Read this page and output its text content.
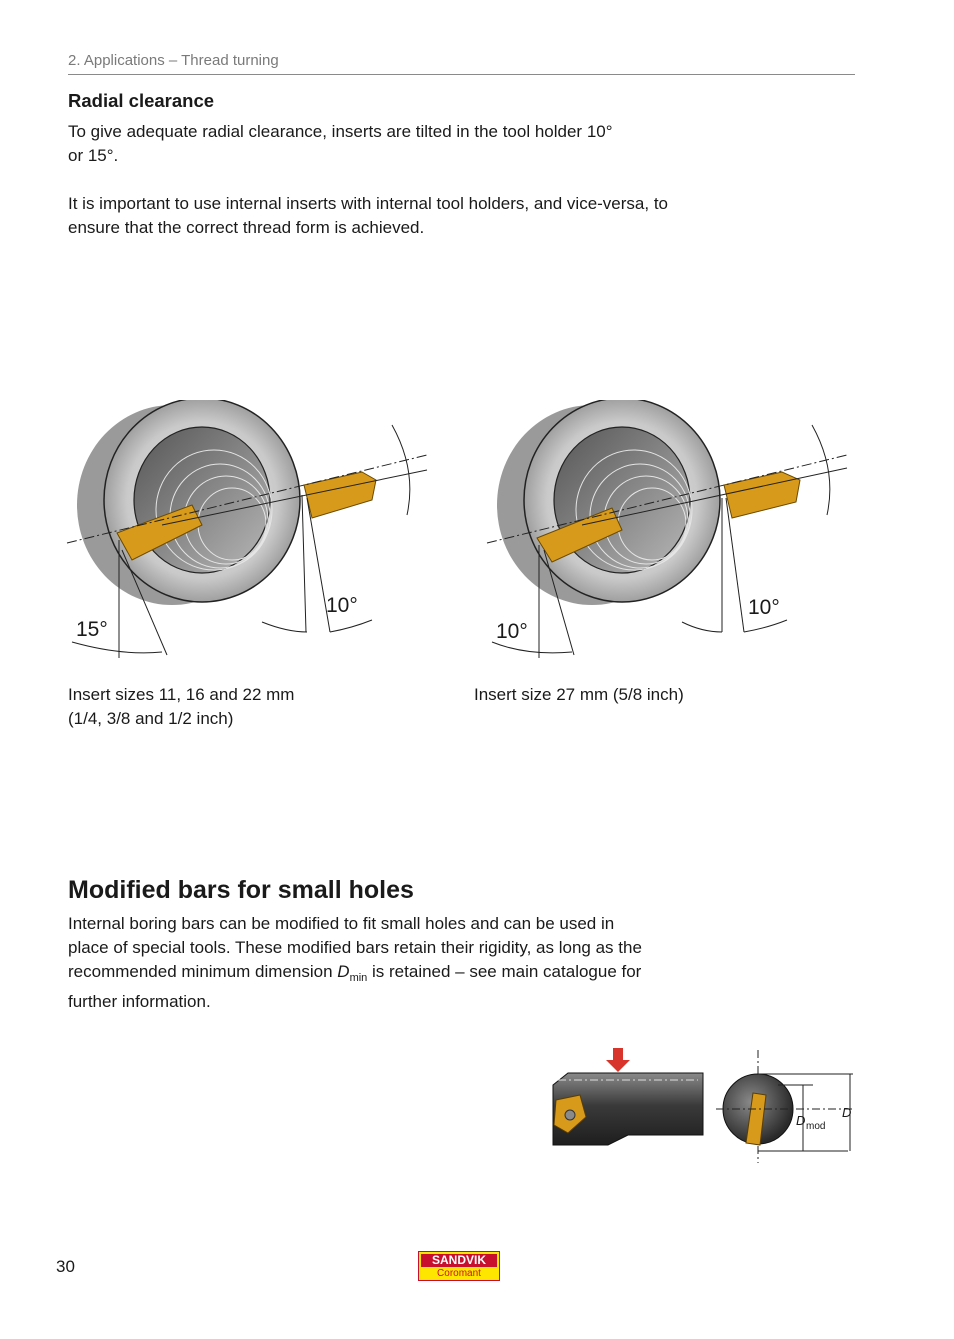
2. Applications – Thread turning
Radial clearance
To give adequate radial clearance, inserts are tilted in the tool holder 10° or 15°.
It is important to use internal inserts with internal tool holders, and vice-versa, to ensure that the correct thread form is achieved.
15°
10°
10°
10°
Insert sizes 11, 16 and 22 mm
(1/4, 3/8 and 1/2 inch)
Insert size 27 mm (5/8 inch)
Modified bars for small holes
Internal boring bars can be modified to fit small holes and can be used in place of special tools. These modified bars retain their rigidity, as long as the recommended minimum dimension $D_{min}$ is retained – see main catalogue for further information.
D mod
D
30	SANDVIK
Coromant
